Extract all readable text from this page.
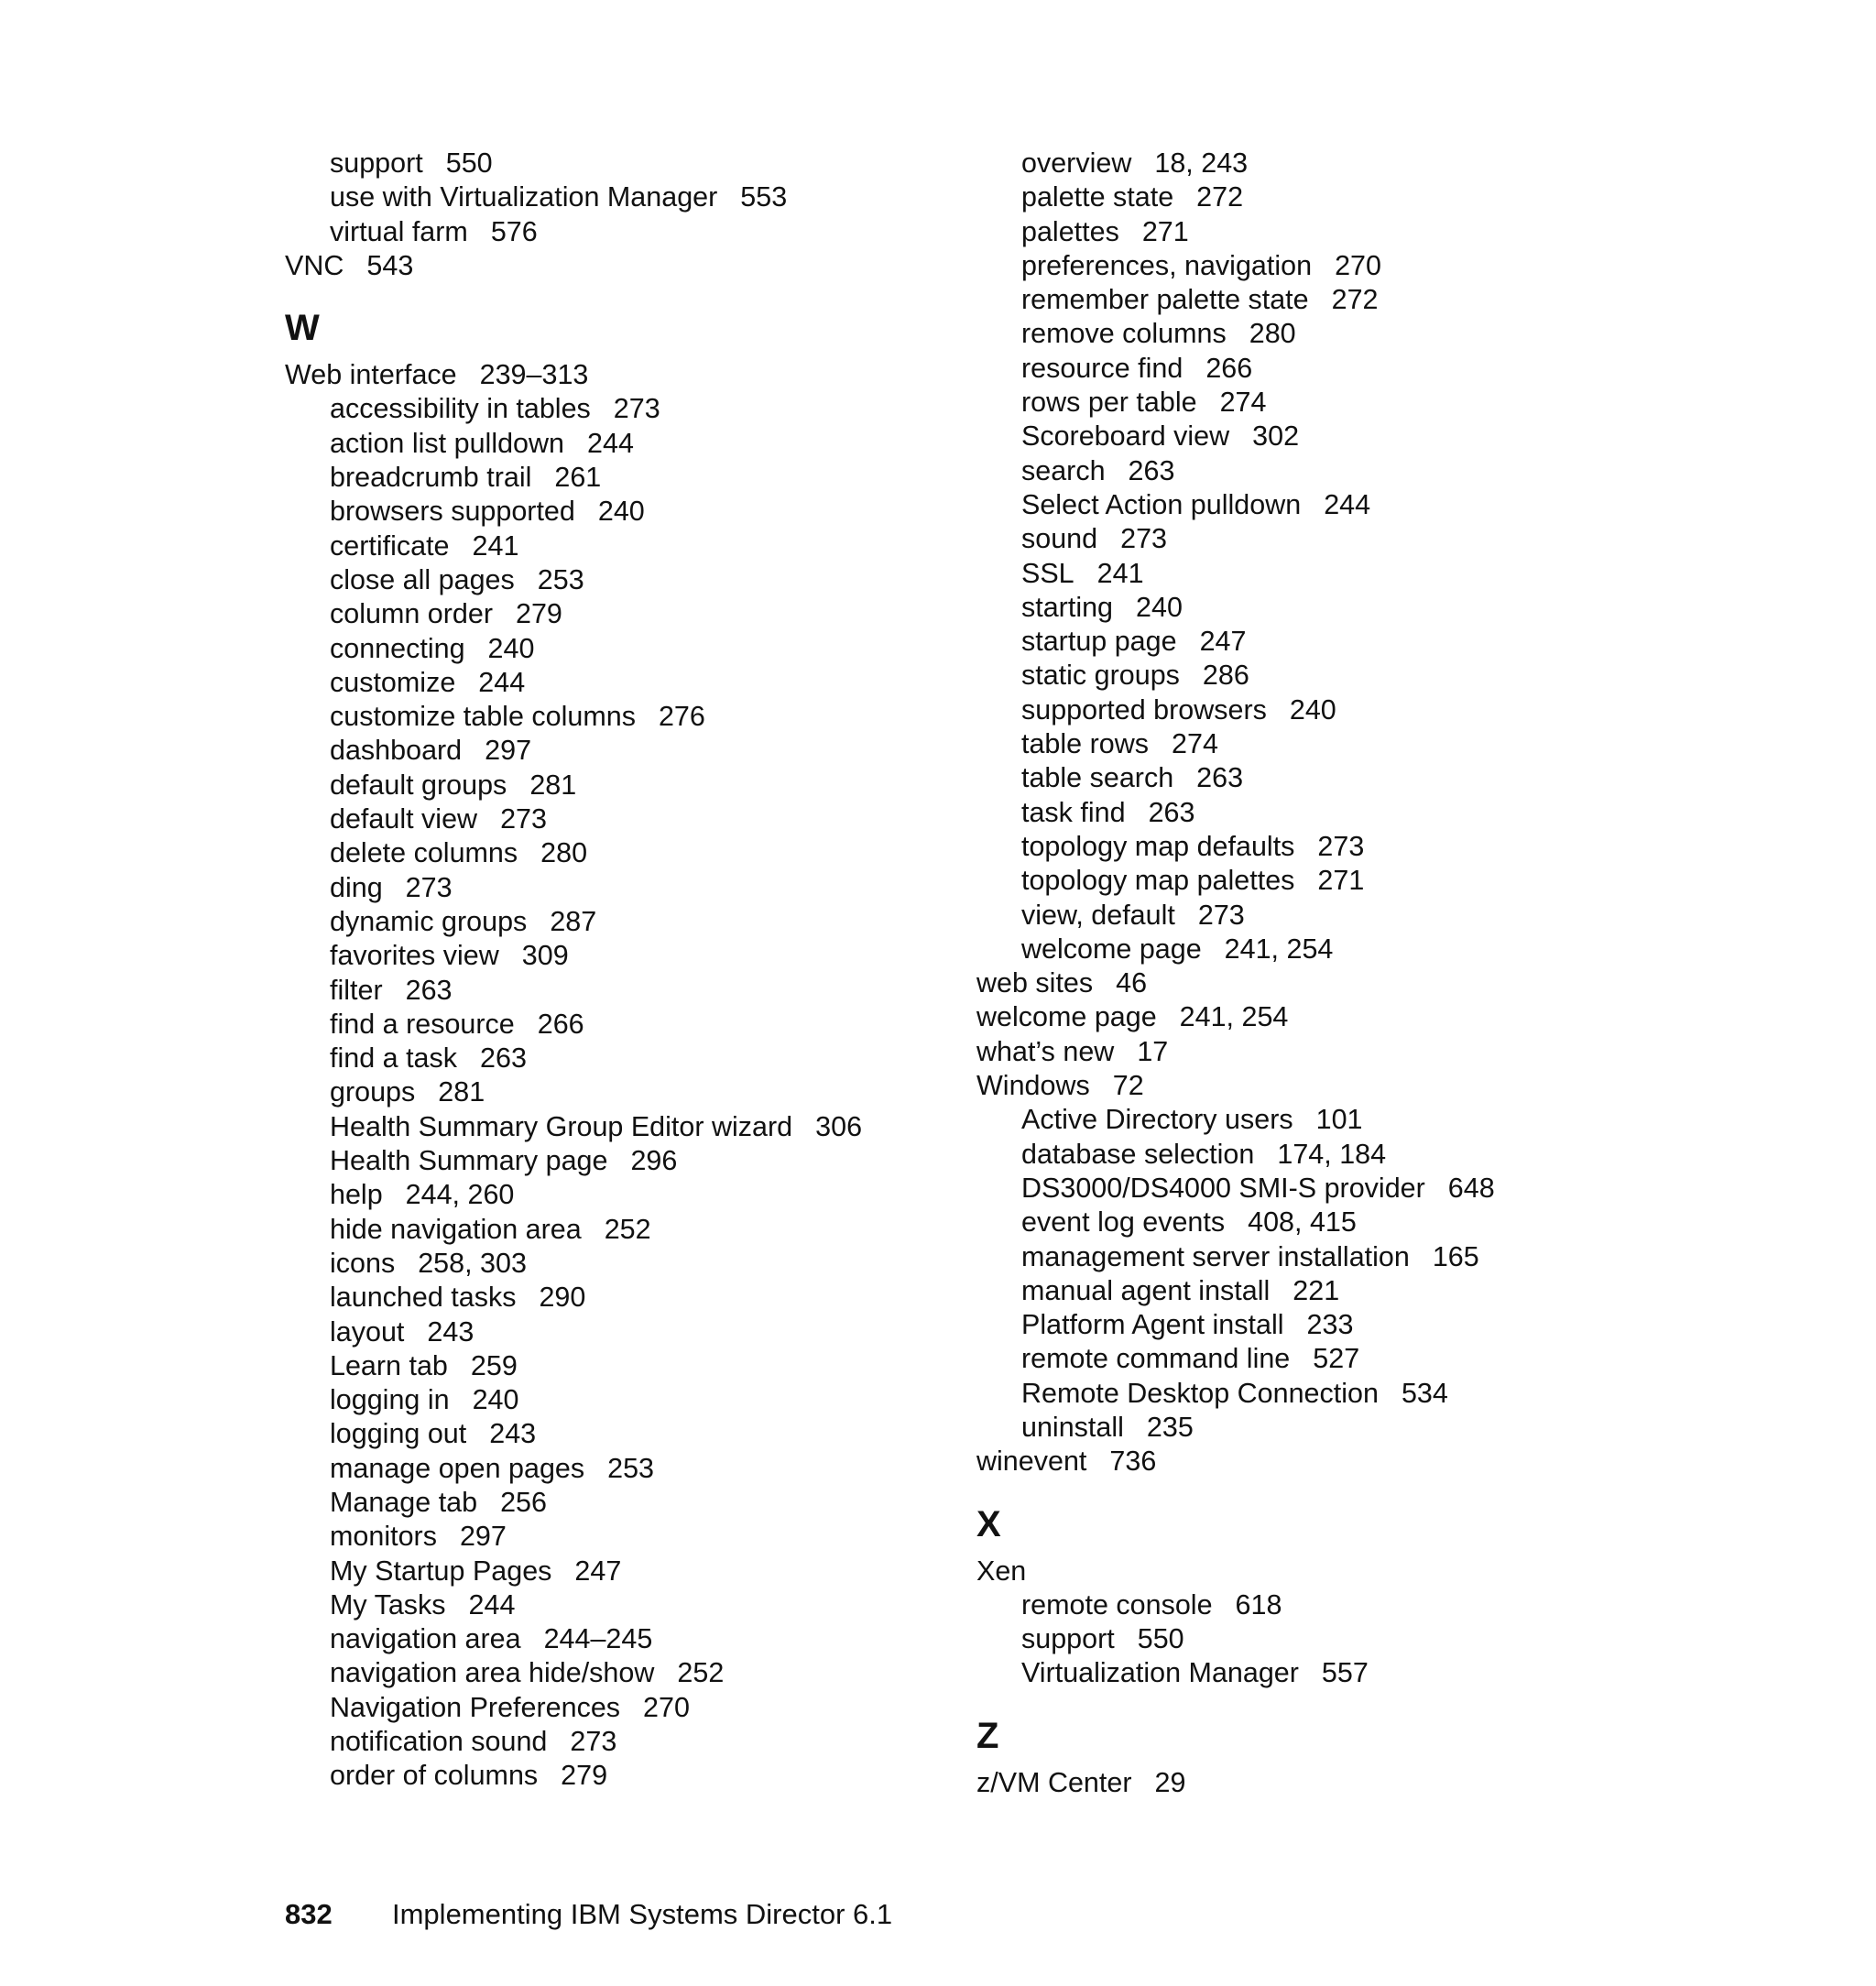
support 550
use with Virtualization Manager 553
virtual farm 576
VNC 543
W
Web interface 239–313
accessibility in tables 273
action list pulldown 244
breadcrumb trail 261
browsers supported 240
certificate 241
close all pages 253
column order 279
connecting 240
customize 244
customize table columns 276
dashboard 297
default groups 281
default view 273
delete columns 280
ding 273
dynamic groups 287
favorites view 309
filter 263
find a resource 266
find a task 263
groups 281
Health Summary Group Editor wizard 306
Health Summary page 296
help 244, 260
hide navigation area 252
icons 258, 303
launched tasks 290
layout 243
Learn tab 259
logging in 240
logging out 243
manage open pages 253
Manage tab 256
monitors 297
My Startup Pages 247
My Tasks 244
navigation area 244–245
navigation area hide/show 252
Navigation Preferences 270
notification sound 273
order of columns 279
overview 18, 243
palette state 272
palettes 271
preferences, navigation 270
remember palette state 272
remove columns 280
resource find 266
rows per table 274
Scoreboard view 302
search 263
Select Action pulldown 244
sound 273
SSL 241
starting 240
startup page 247
static groups 286
supported browsers 240
table rows 274
table search 263
task find 263
topology map defaults 273
topology map palettes 271
view, default 273
welcome page 241, 254
web sites 46
welcome page 241, 254
what’s new 17
Windows 72
Active Directory users 101
database selection 174, 184
DS3000/DS4000 SMI-S provider 648
event log events 408, 415
management server installation 165
manual agent install 221
Platform Agent install 233
remote command line 527
Remote Desktop Connection 534
uninstall 235
winevent 736
X
Xen
remote console 618
support 550
Virtualization Manager 557
Z
z/VM Center 29
832 Implementing IBM Systems Director 6.1
